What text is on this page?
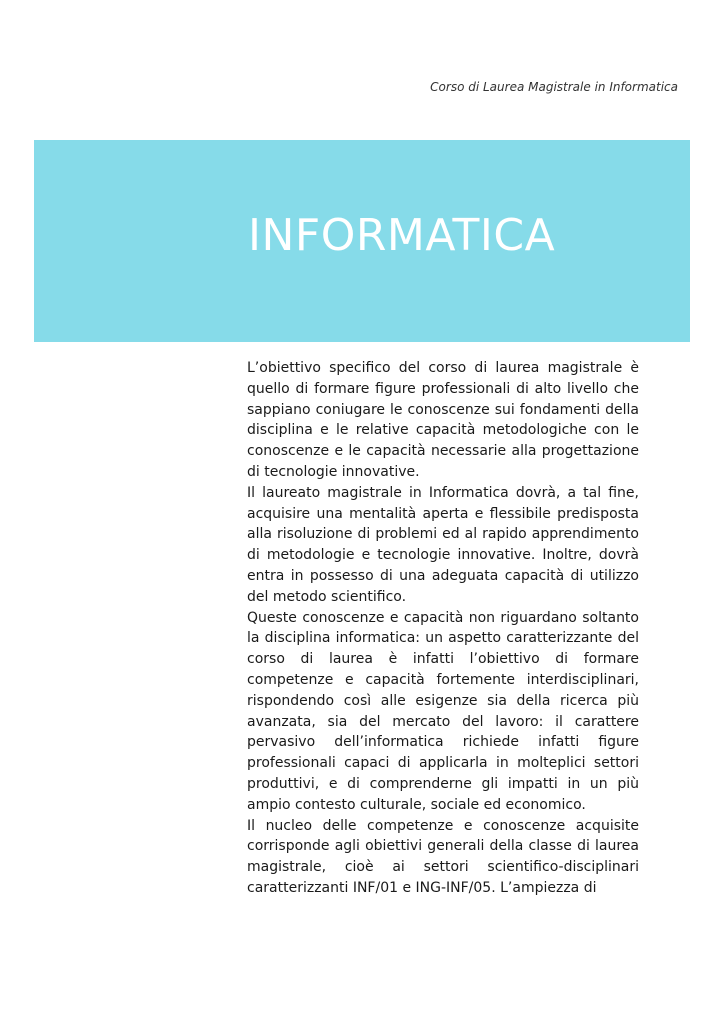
Corso di Laurea Magistrale in Informatica
INFORMATICA

L’obiettivo specifico del corso di laurea magistrale è quello di formare figure professionali di alto livello che sappiano coniugare le conoscenze sui fondamenti della disciplina e le relative capacità metodologiche con le conoscenze e le capacità necessarie alla progettazione di tecnologie innovative.

Il laureato magistrale in Informatica dovrà, a tal fine, acquisire una mentalità aperta e flessibile predisposta alla risoluzione di problemi ed al rapido apprendimento di metodologie e tecnologie innovative. Inoltre, dovrà entra in possesso di una adeguata capacità di utilizzo del metodo scientifico.

Queste conoscenze e capacità non riguardano soltanto la disciplina informatica: un aspetto caratterizzante del corso di laurea è infatti l’obiettivo di formare competenze e capacità fortemente interdisciplinari, rispondendo così alle esigenze sia della ricerca più avanzata, sia del mercato del lavoro: il carattere pervasivo dell’informatica richiede infatti figure professionali capaci di applicarla in molteplici settori produttivi, e di comprenderne gli impatti in un più ampio contesto culturale, sociale ed economico.

Il nucleo delle competenze e conoscenze acquisite corrisponde agli obiettivi generali della classe di laurea magistrale, cioè ai settori scientifico-disciplinari caratterizzanti INF/01 e ING-INF/05. L’ampiezza di
